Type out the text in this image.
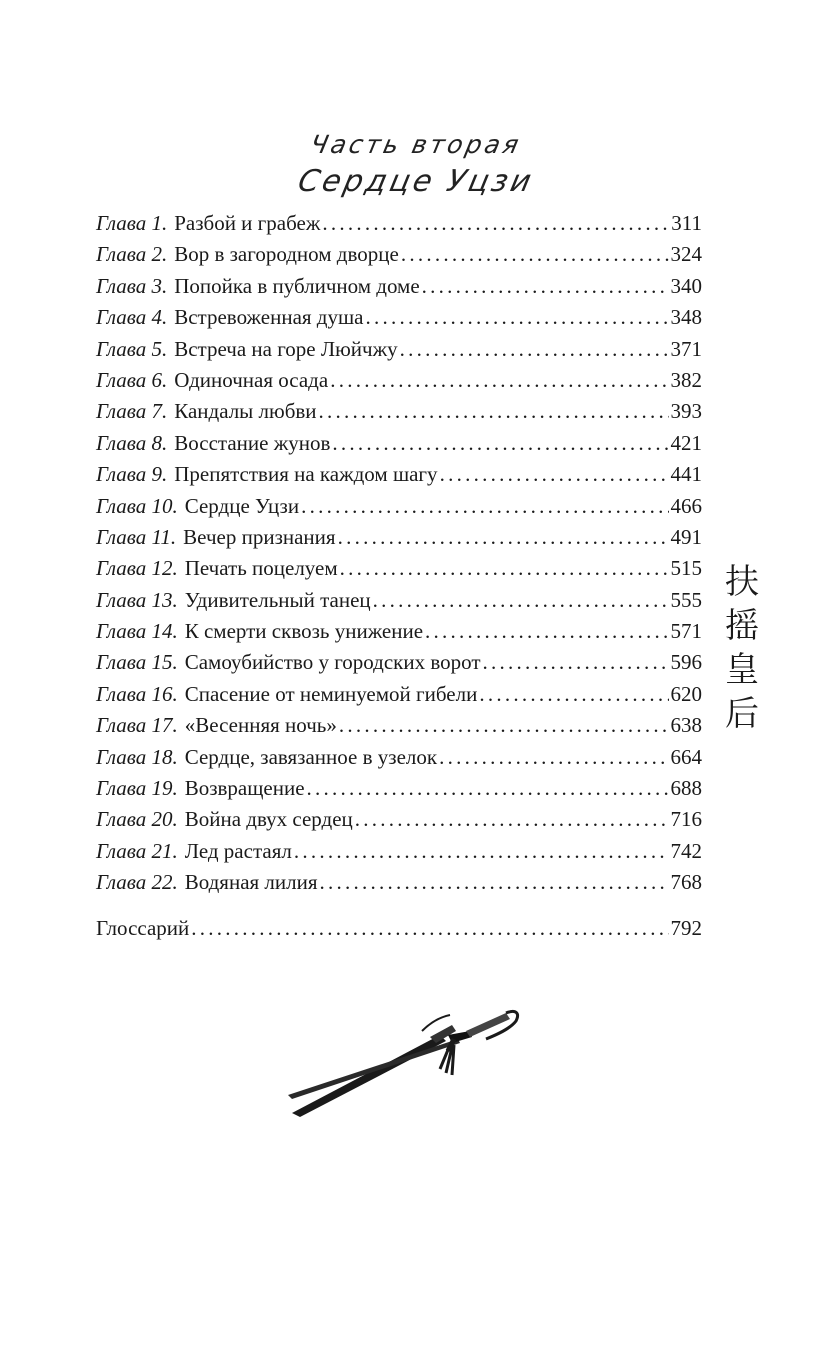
Часть вторая
Сердце Уцзи
Глава 1. Разбой и грабеж . . .	311
Глава 2. Вор в загородном дворце . . .	324
Глава 3. Попойка в публичном доме . . .	340
Глава 4. Встревоженная душа . . .	348
Глава 5. Встреча на горе Люйчжу . . .	371
Глава 6. Одиночная осада . . .	382
Глава 7. Кандалы любви . . .	393
Глава 8. Восстание жунов . . .	421
Глава 9. Препятствия на каждом шагу . . .	441
Глава 10. Сердце Уцзи . . .	466
Глава 11. Вечер признания . . .	491
Глава 12. Печать поцелуем . . .	515
Глава 13. Удивительный танец . . .	555
Глава 14. К смерти сквозь унижение . . .	571
Глава 15. Самоубийство у городских ворот . . .	596
Глава 16. Спасение от неминуемой гибели . . .	620
Глава 17. «Весенняя ночь» . . .	638
Глава 18. Сердце, завязанное в узелок . . .	664
Глава 19. Возвращение . . .	688
Глава 20. Война двух сердец . . .	716
Глава 21. Лед растаял . . .	742
Глава 22. Водяная лилия . . .	768
Глоссарий . . .	792
扶
摇
皇
后
